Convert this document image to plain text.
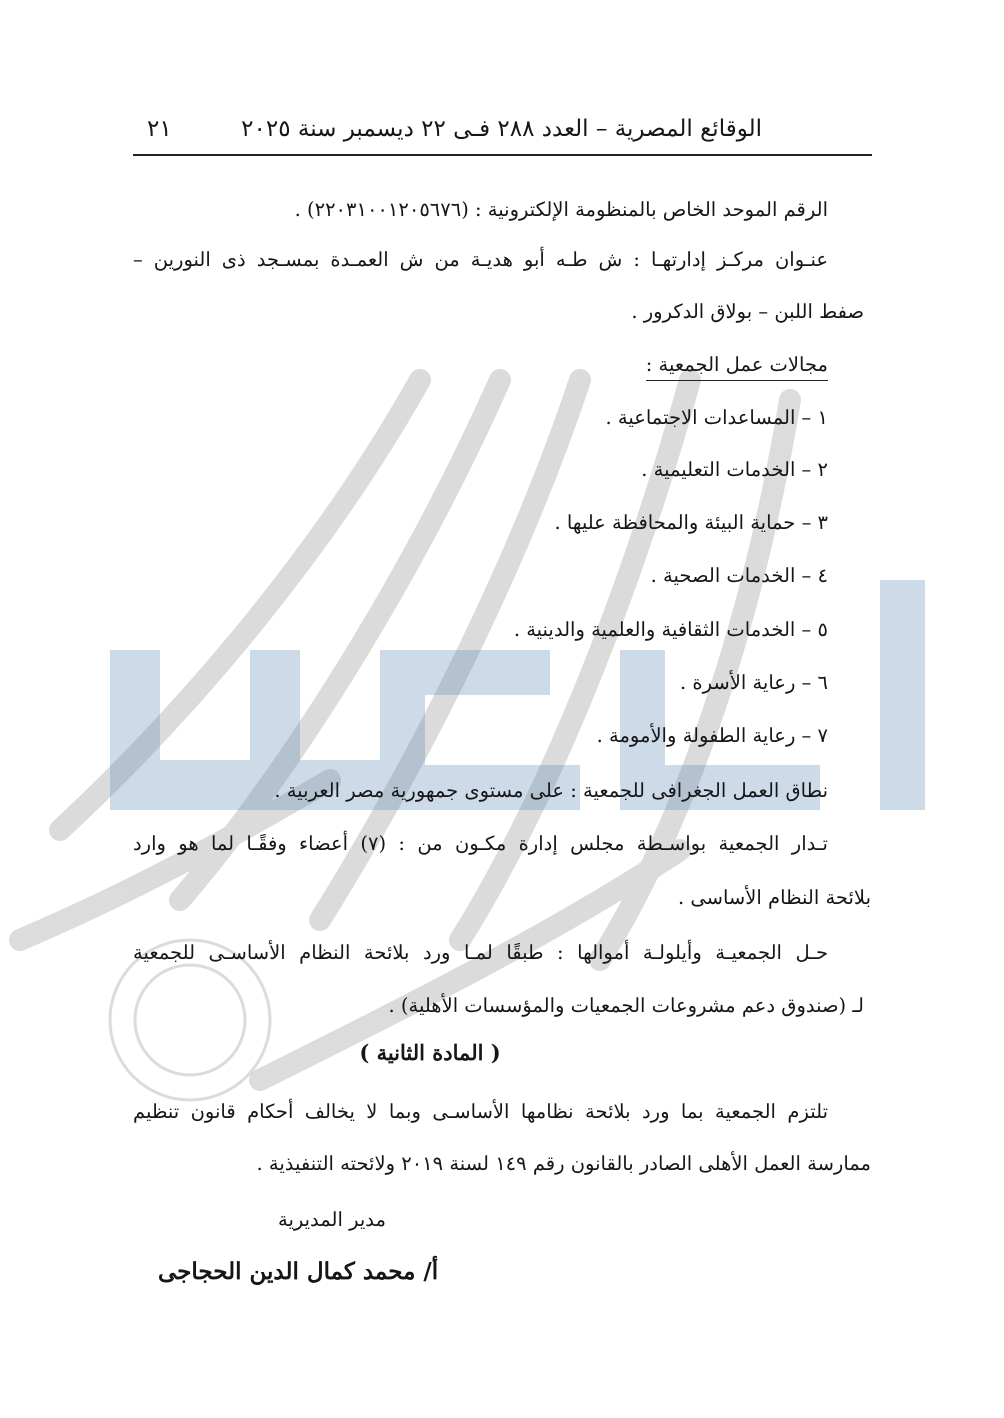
الوقائع المصرية – العدد ٢٨٨ فـى ٢٢ ديسمبر سنة ٢٠٢٥
٢١
الرقم الموحد الخاص بالمنظومة الإلكترونية : (٢٢٠٣١٠٠١٢٠٥٦٧٦) .
عنـوان مركـز إدارتهـا : ش طـه أبو هديـة من ش العمـدة بمسـجد ذى النورين –
صفط اللبن – بولاق الدكرور .
مجالات عمل الجمعية :
١ – المساعدات الاجتماعية .
٢ – الخدمات التعليمية .
٣ – حماية البيئة والمحافظة عليها .
٤ – الخدمات الصحية .
٥ – الخدمات الثقافية والعلمية والدينية .
٦ – رعاية الأسرة .
٧ – رعاية الطفولة والأمومة .
نطاق العمل الجغرافى للجمعية : على مستوى جمهورية مصر العربية .
تـدار الجمعية بواسـطة مجلس إدارة مكـون من : (٧) أعضاء وفقًـا لما هو وارد
بلائحة النظام الأساسى .
حـل الجمعيـة وأيلولـة أموالها : طبقًا لمـا ورد بلائحة النظام الأساسـى للجمعية
لـ (صندوق دعم مشروعات الجمعيات والمؤسسات الأهلية) .
( المادة الثانية )
تلتزم الجمعية بما ورد بلائحة نظامها الأساسـى وبما لا يخالف أحكام قانون تنظيم
ممارسة العمل الأهلى الصادر بالقانون رقم ١٤٩ لسنة ٢٠١٩ ولائحته التنفيذية .
مدير المديرية
أ/ محمد كمال الدين الحجاجى
